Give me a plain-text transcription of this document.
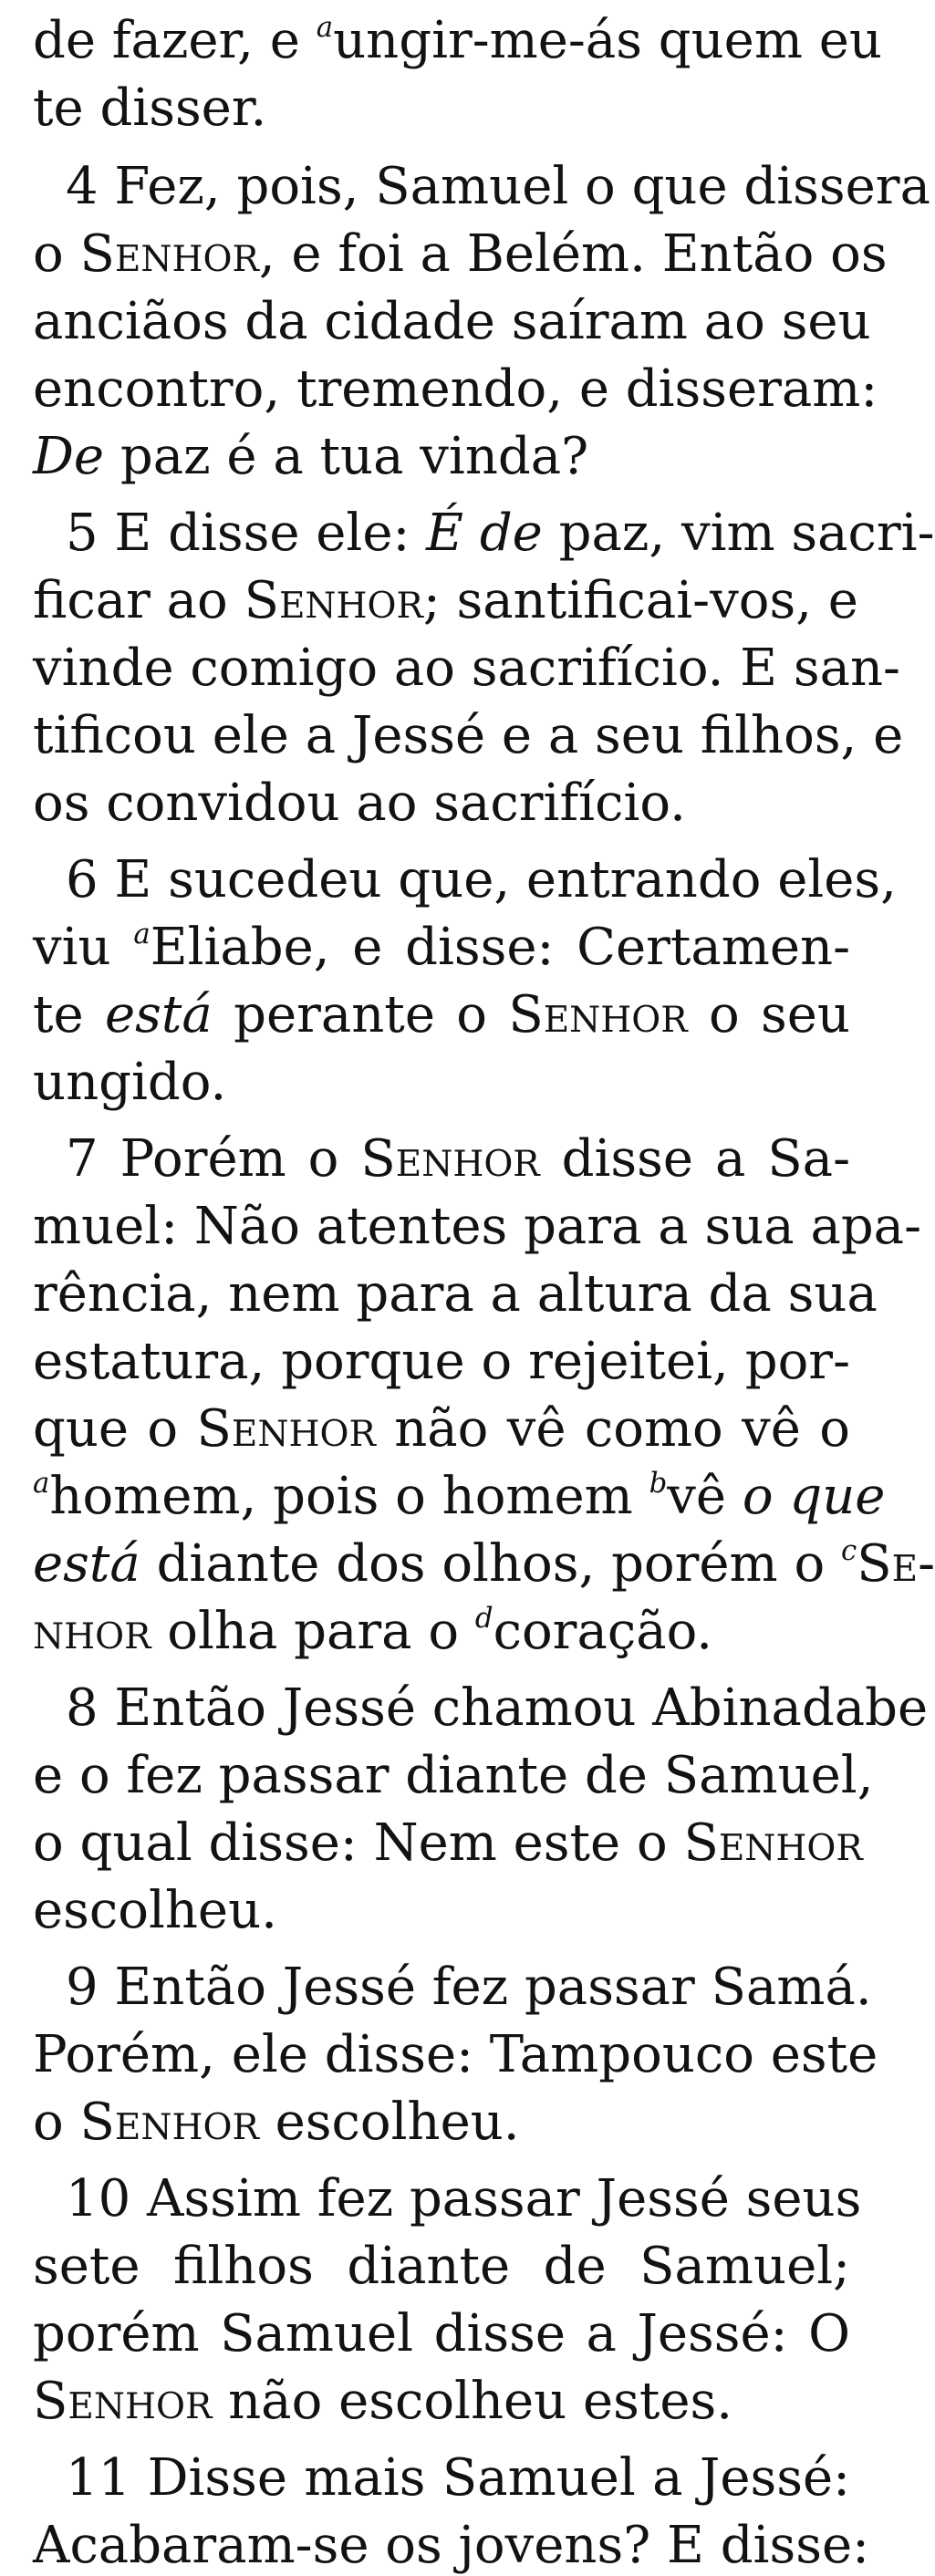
de fazer, e $^a$ungir-me-ás quem eu
te disser.
4 Fez, pois, Samuel o que dissera
o Senhor, e foi a Belém. Então os
anciãos da cidade saíram ao seu
encontro, tremendo, e disseram:
De paz é a tua vinda?
5 E disse ele: É de paz, vim sacri-
ficar ao Senhor; santificai-vos, e
vinde comigo ao sacrifício. E san-
tificou ele a Jessé e a seu filhos, e
os convidou ao sacrifício.
6 E sucedeu que, entrando eles,
viu $^a$Eliabe, e disse: Certamen-
te está perante o Senhor o seu
ungido.
7 Porém o Senhor disse a Sa-
muel: Não atentes para a sua apa-
rência, nem para a altura da sua
estatura, porque o rejeitei, por-
que o Senhor não vê como vê o
$^a$homem, pois o homem $^b$vê o que
está diante dos olhos, porém o $^c$Se-
nhor olha para o $^d$coração.
8 Então Jessé chamou Abinadabe
e o fez passar diante de Samuel,
o qual disse: Nem este o Senhor
escolheu.
9 Então Jessé fez passar Samá.
Porém, ele disse: Tampouco este
o Senhor escolheu.
10 Assim fez passar Jessé seus
sete filhos diante de Samuel;
porém Samuel disse a Jessé: O
Senhor não escolheu estes.
11 Disse mais Samuel a Jessé:
Acabaram-se os jovens? E disse:
